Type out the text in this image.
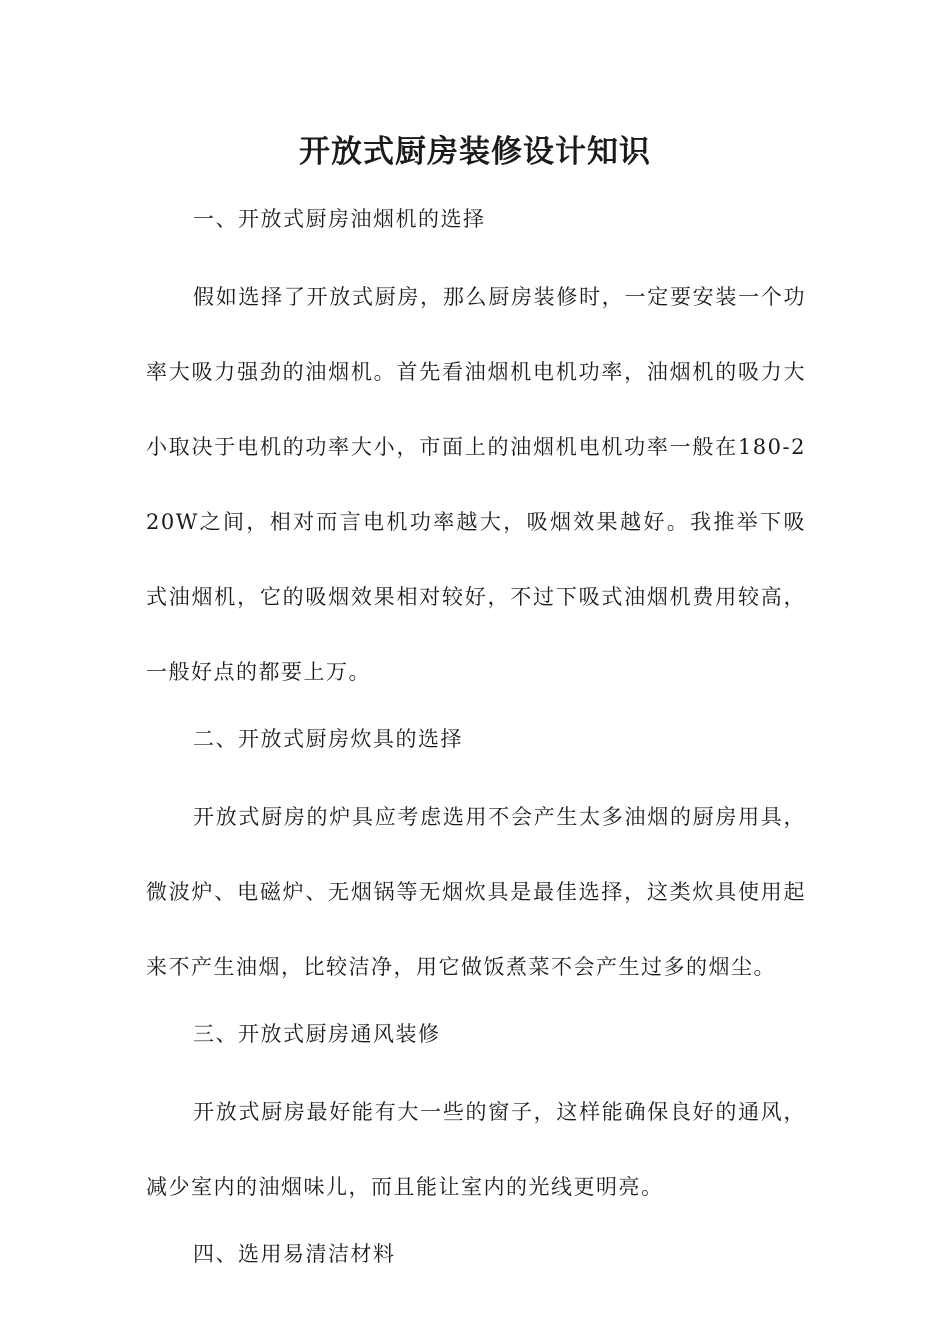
开放式厨房装修设计知识
一、开放式厨房油烟机的选择

假如选择了开放式厨房，那么厨房装修时，一定要安装一个功率大吸力强劲的油烟机。首先看油烟机电机功率，油烟机的吸力大小取决于电机的功率大小，市面上的油烟机电机功率一般在180-220W之间，相对而言电机功率越大，吸烟效果越好。我推举下吸式油烟机，它的吸烟效果相对较好，不过下吸式油烟机费用较高，一般好点的都要上万。

二、开放式厨房炊具的选择

开放式厨房的炉具应考虑选用不会产生太多油烟的厨房用具，微波炉、电磁炉、无烟锅等无烟炊具是最佳选择，这类炊具使用起来不产生油烟，比较洁净，用它做饭煮菜不会产生过多的烟尘。

三、开放式厨房通风装修

开放式厨房最好能有大一些的窗子，这样能确保良好的通风，减少室内的油烟味儿，而且能让室内的光线更明亮。

四、选用易清洁材料
